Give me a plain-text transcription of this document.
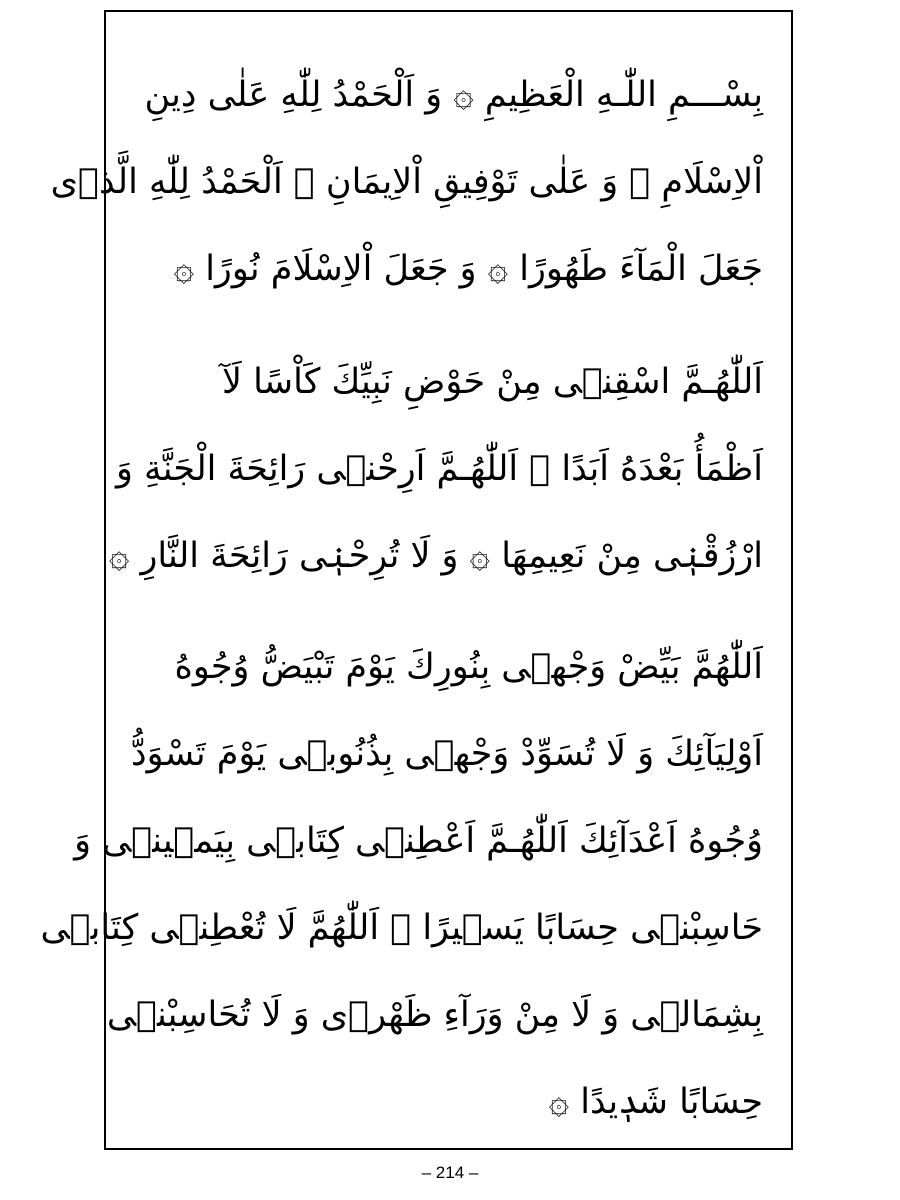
بِسْـــمِ اللّٰـهِ الْعَظِيمِ ۞ وَ اَلْحَمْدُ لِلّٰهِ عَلٰى دِينِ
اْلاِسْلَامِ ۞ وَ عَلٰى تَوْفِيقِ اْلاِيمَانِ ۞ اَلْحَمْدُ لِلّٰهِ الَّذٖى
جَعَلَ الْمَآءَ طَهُورًا ۞ وَ جَعَلَ اْلاِسْلَامَ نُورًا ۞
اَللّٰهُـمَّ اسْقِنٖى مِنْ حَوْضِ نَبِيِّكَ كَاْسًا لَآ
اَظْمَأُ بَعْدَهُ اَبَدًا ۞ اَللّٰهُـمَّ اَرِحْنٖى رَائِحَةَ الْجَنَّةِ وَ
ارْزُقْنٖى مِنْ نَعِيمِهَا ۞ وَ لَا تُرِحْنٖى رَائِحَةَ النَّارِ ۞
اَللّٰهُمَّ بَيِّضْ وَجْهٖى بِنُورِكَ يَوْمَ تَبْيَضُّ وُجُوهُ
اَوْلِيَآئِكَ وَ لَا تُسَوِّدْ وَجْهٖى بِذُنُوبٖى يَوْمَ تَسْوَدُّ
وُجُوهُ اَعْدَآئِكَ اَللّٰهُـمَّ اَعْطِنٖى كِتَابٖى بِيَمٖينٖى وَ
حَاسِبْنٖى حِسَابًا يَسٖيرًا ۞ اَللّٰهُمَّ لَا تُعْطِنٖى كِتَابٖى
بِشِمَالٖى وَ لَا مِنْ وَرَآءِ ظَهْرٖى وَ لَا تُحَاسِبْنٖى
حِسَابًا شَدٖيدًا ۞
– 214 –
